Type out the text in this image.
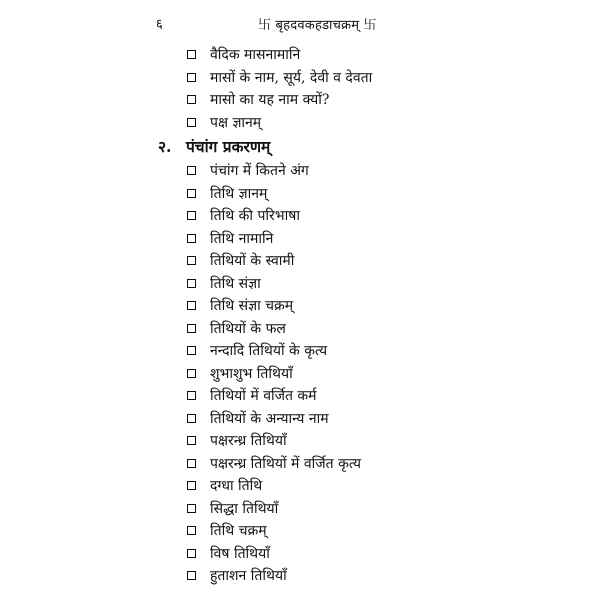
६	卐 बृहदवकहडाचक्रम् 卐
वैदिक मासनामानि
मासों के नाम, सूर्य, देवी व देवता
मासो का यह नाम क्यों?
पक्ष ज्ञानम्
२. पंचांग प्रकरणम्
पंचांग में कितने अंग
तिथि ज्ञानम्
तिथि की परिभाषा
तिथि नामानि
तिथियों के स्वामी
तिथि संज्ञा
तिथि संज्ञा चक्रम्
तिथियों के फल
नन्दादि तिथियों के कृत्य
शुभाशुभ तिथियाँ
तिथियों में वर्जित कर्म
तिथियों के अन्यान्य नाम
पक्षरन्ध्र तिथियाँ
पक्षरन्ध्र तिथियों में वर्जित कृत्य
दग्धा तिथि
सिद्धा तिथियाँ
तिथि चक्रम्
विष तिथियाँ
हुताशन तिथियाँ
